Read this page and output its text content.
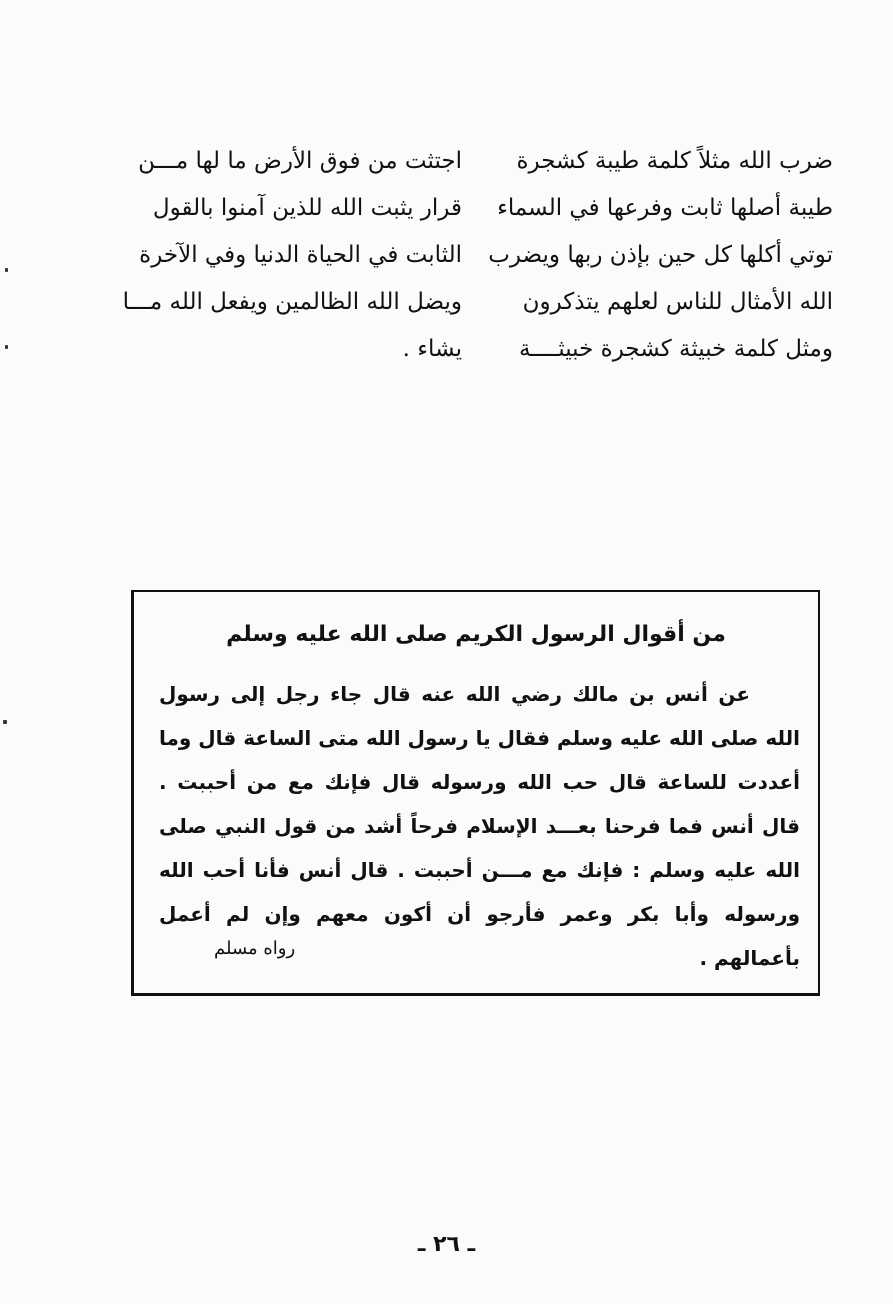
ضرب الله مثلاً كلمة طيبة كشجرة
طيبة أصلها ثابت وفرعها في السماء
توتي أكلها كل حين بإذن ربها ويضرب
الله الأمثال للناس لعلهم يتذكرون
ومثل كلمة خبيثة كشجرة خبيثــــة
اجتثت من فوق الأرض ما لها مـــن
قرار يثبت الله للذين آمنوا بالقول
الثابت في الحياة الدنيا وفي الآخرة
ويضل الله الظالمين ويفعل الله مـــا
يشاء .
من أقوال الرسول الكريم صلى الله عليه وسلم
عن أنس بن مالك رضي الله عنه قال جاء رجل إلى رسول الله صلى الله عليه وسلم فقال يا رسول الله متى الساعة قال وما أعددت للساعة قال حب الله ورسوله قال فإنك مع من أحببت . قال أنس فما فرحنا بعـــد الإسلام فرحاً أشد من قول النبي صلى الله عليه وسلم : فإنك مع مـــن أحببت . قال أنس فأنا أحب الله ورسوله وأبا بكر وعمر فأرجو أن أكون معهم وإن لم أعمل بأعمالهم .
رواه مسلم
ـ ٢٦ ـ
